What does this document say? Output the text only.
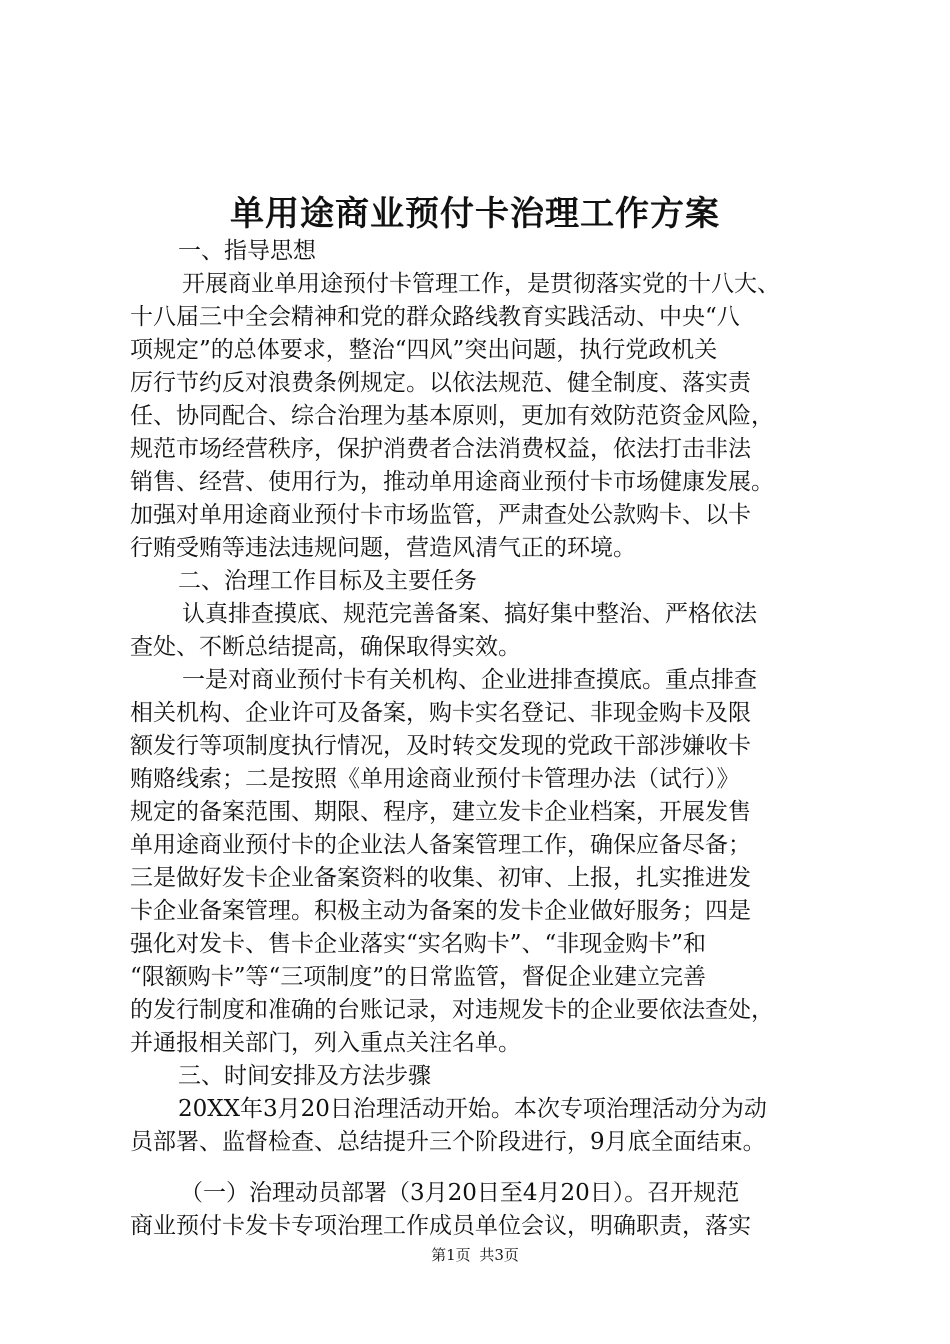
单用途商业预付卡治理工作方案
一、指导思想
开展商业单用途预付卡管理工作，是贯彻落实党的十八大、
十八届三中全会精神和党的群众路线教育实践活动、中央“八
项规定”的总体要求，整治“四风”突出问题，执行党政机关
厉行节约反对浪费条例规定。以依法规范、健全制度、落实责
任、协同配合、综合治理为基本原则，更加有效防范资金风险，
规范市场经营秩序，保护消费者合法消费权益，依法打击非法
销售、经营、使用行为，推动单用途商业预付卡市场健康发展。
加强对单用途商业预付卡市场监管，严肃查处公款购卡、以卡
行贿受贿等违法违规问题，营造风清气正的环境。
二、治理工作目标及主要任务
认真排查摸底、规范完善备案、搞好集中整治、严格依法
查处、不断总结提高，确保取得实效。
一是对商业预付卡有关机构、企业进排查摸底。重点排查
相关机构、企业许可及备案，购卡实名登记、非现金购卡及限
额发行等项制度执行情况，及时转交发现的党政干部涉嫌收卡
贿赂线索；二是按照《单用途商业预付卡管理办法（试行）》
规定的备案范围、期限、程序，建立发卡企业档案，开展发售
单用途商业预付卡的企业法人备案管理工作，确保应备尽备；
三是做好发卡企业备案资料的收集、初审、上报，扎实推进发
卡企业备案管理。积极主动为备案的发卡企业做好服务；四是
强化对发卡、售卡企业落实“实名购卡”、“非现金购卡”和
“限额购卡”等“三项制度”的日常监管，督促企业建立完善
的发行制度和准确的台账记录，对违规发卡的企业要依法查处，
并通报相关部门，列入重点关注名单。
三、时间安排及方法步骤
20XX年3月20日治理活动开始。本次专项治理活动分为动
员部署、监督检查、总结提升三个阶段进行，9月底全面结束。
（一）治理动员部署（3月20日至4月20日）。召开规范
商业预付卡发卡专项治理工作成员单位会议，明确职责，落实
第1页 共3页
